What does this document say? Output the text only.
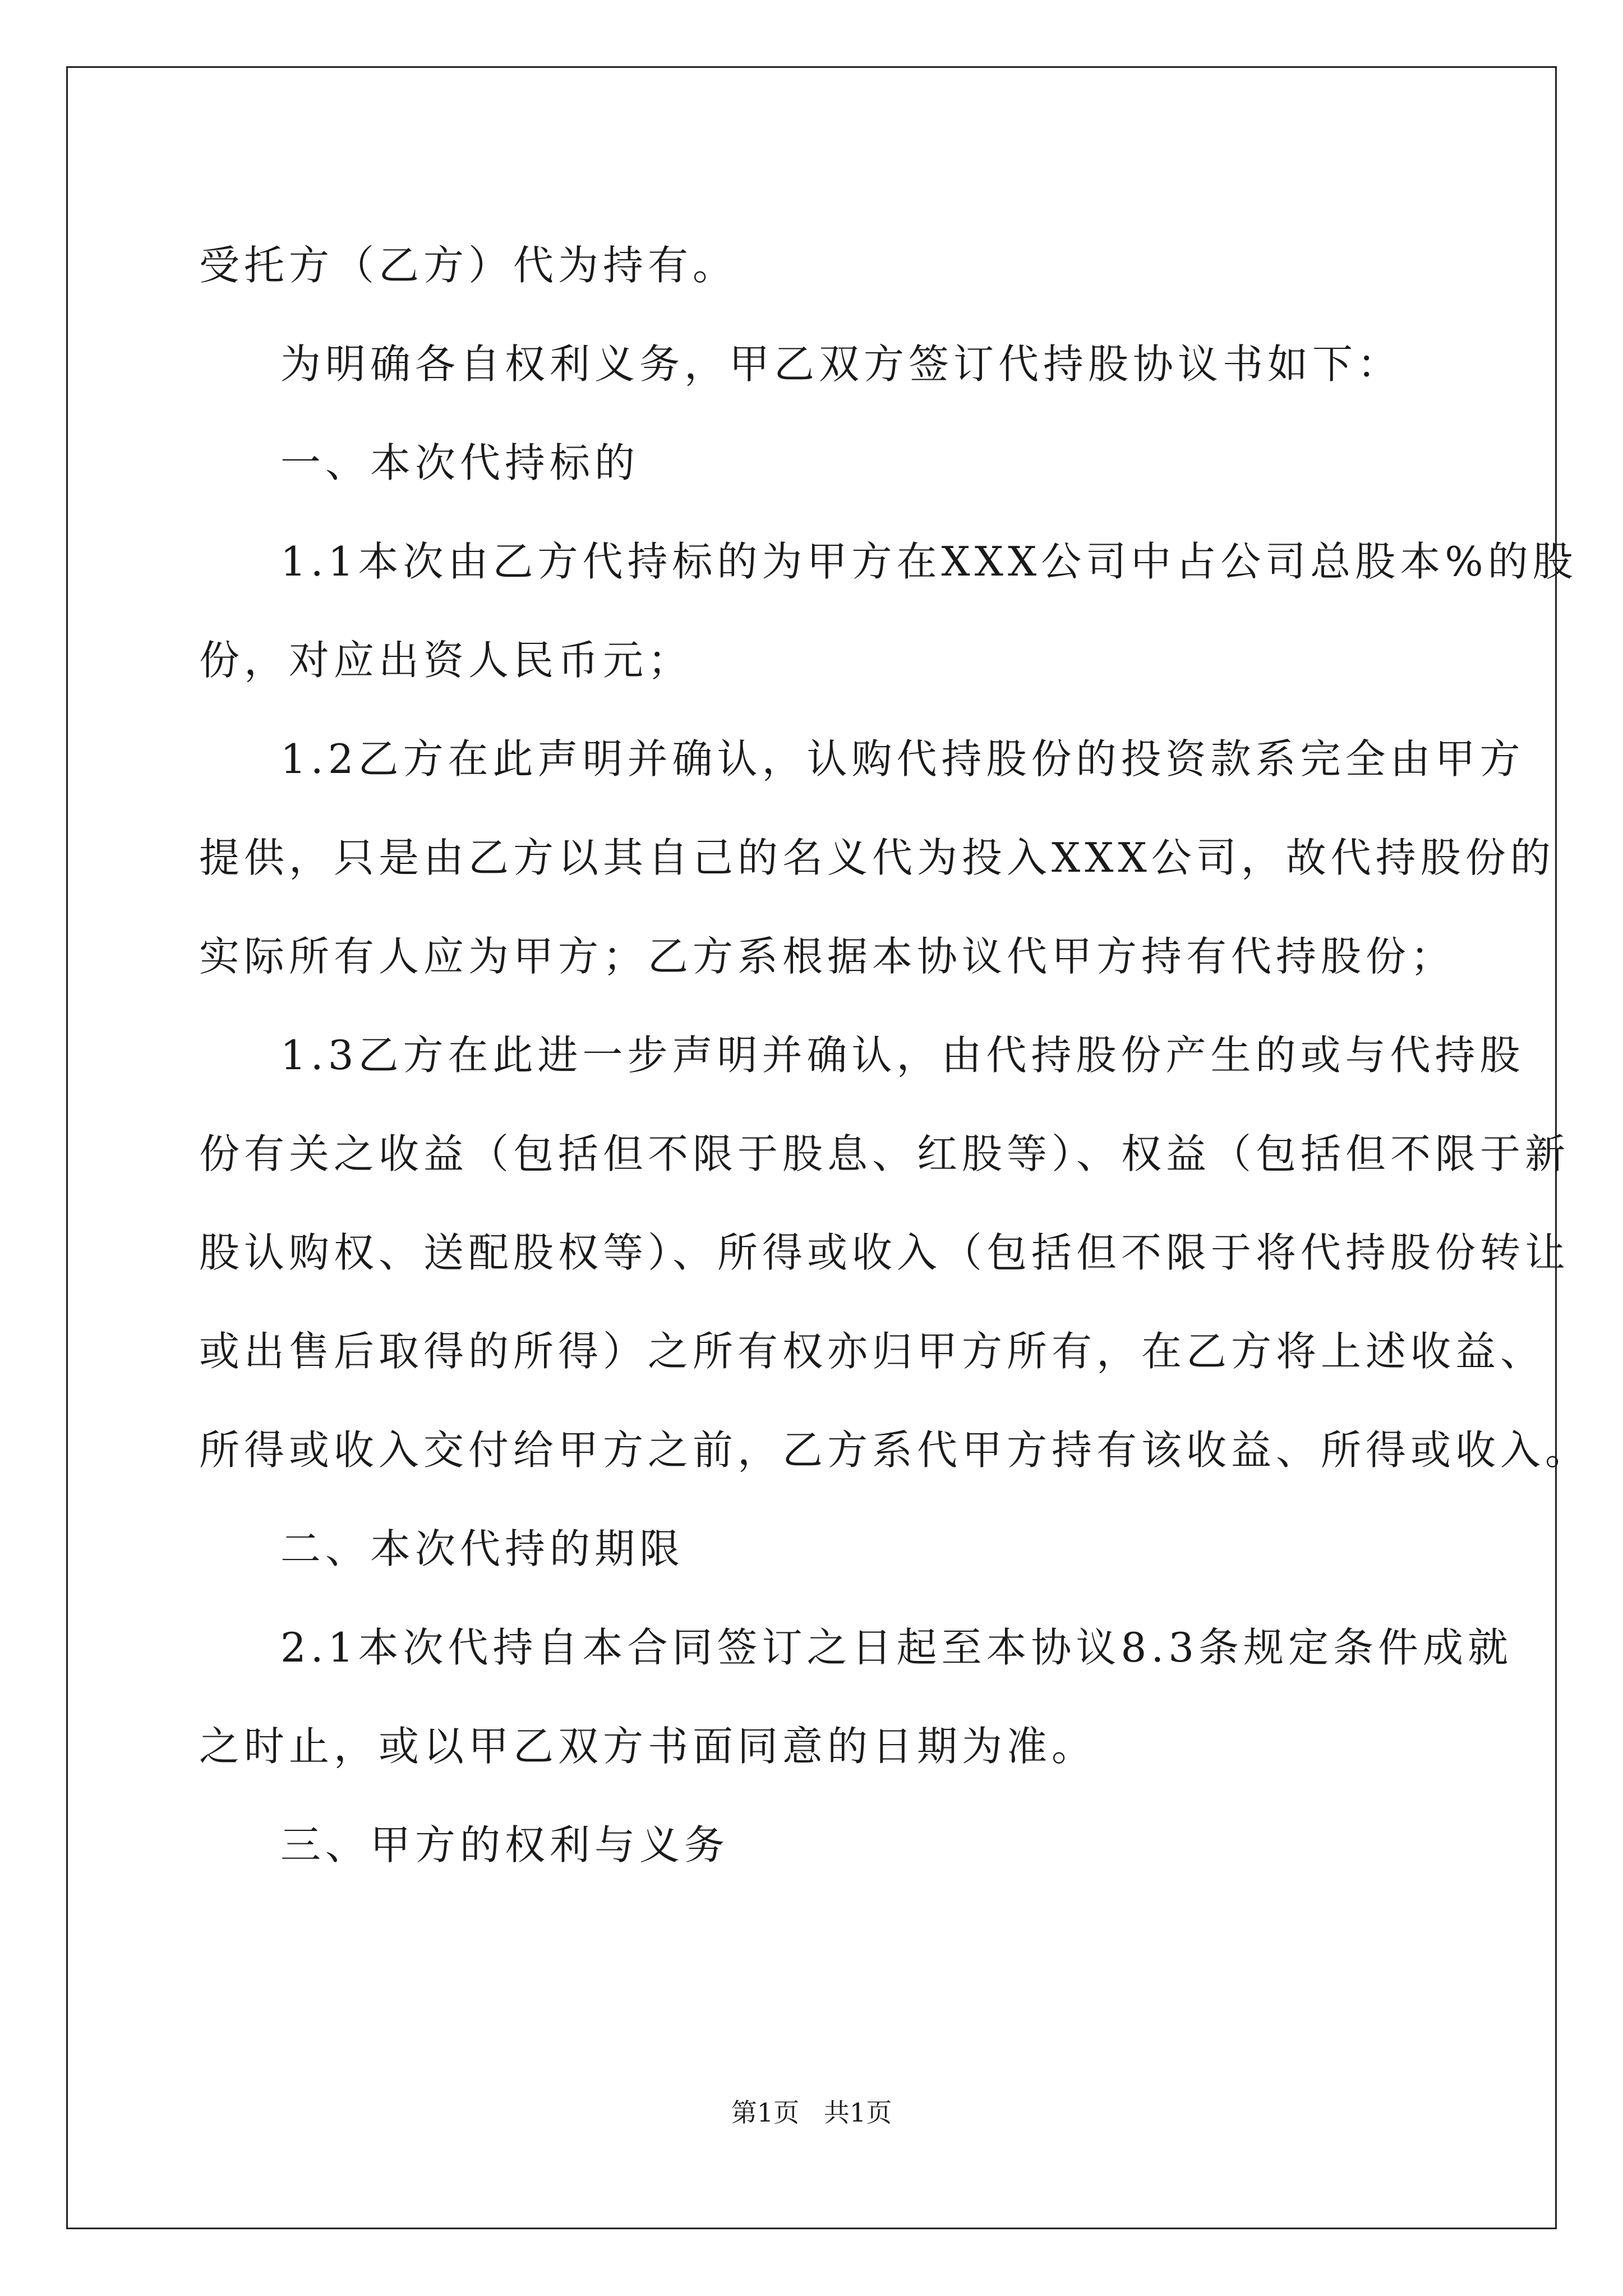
受托方（乙方）代为持有。
为明确各自权利义务，甲乙双方签订代持股协议书如下：
一、本次代持标的
1.1本次由乙方代持标的为甲方在XXX公司中占公司总股本%的股
份，对应出资人民币元；
1.2乙方在此声明并确认，认购代持股份的投资款系完全由甲方
提供，只是由乙方以其自己的名义代为投入XXX公司，故代持股份的
实际所有人应为甲方；乙方系根据本协议代甲方持有代持股份；
1.3乙方在此进一步声明并确认，由代持股份产生的或与代持股
份有关之收益（包括但不限于股息、红股等）、权益（包括但不限于新
股认购权、送配股权等）、所得或收入（包括但不限于将代持股份转让
或出售后取得的所得）之所有权亦归甲方所有，在乙方将上述收益、
所得或收入交付给甲方之前，乙方系代甲方持有该收益、所得或收入。
二、本次代持的期限
2.1本次代持自本合同签订之日起至本协议8.3条规定条件成就
之时止，或以甲乙双方书面同意的日期为准。
三、甲方的权利与义务
第1页   共1页
